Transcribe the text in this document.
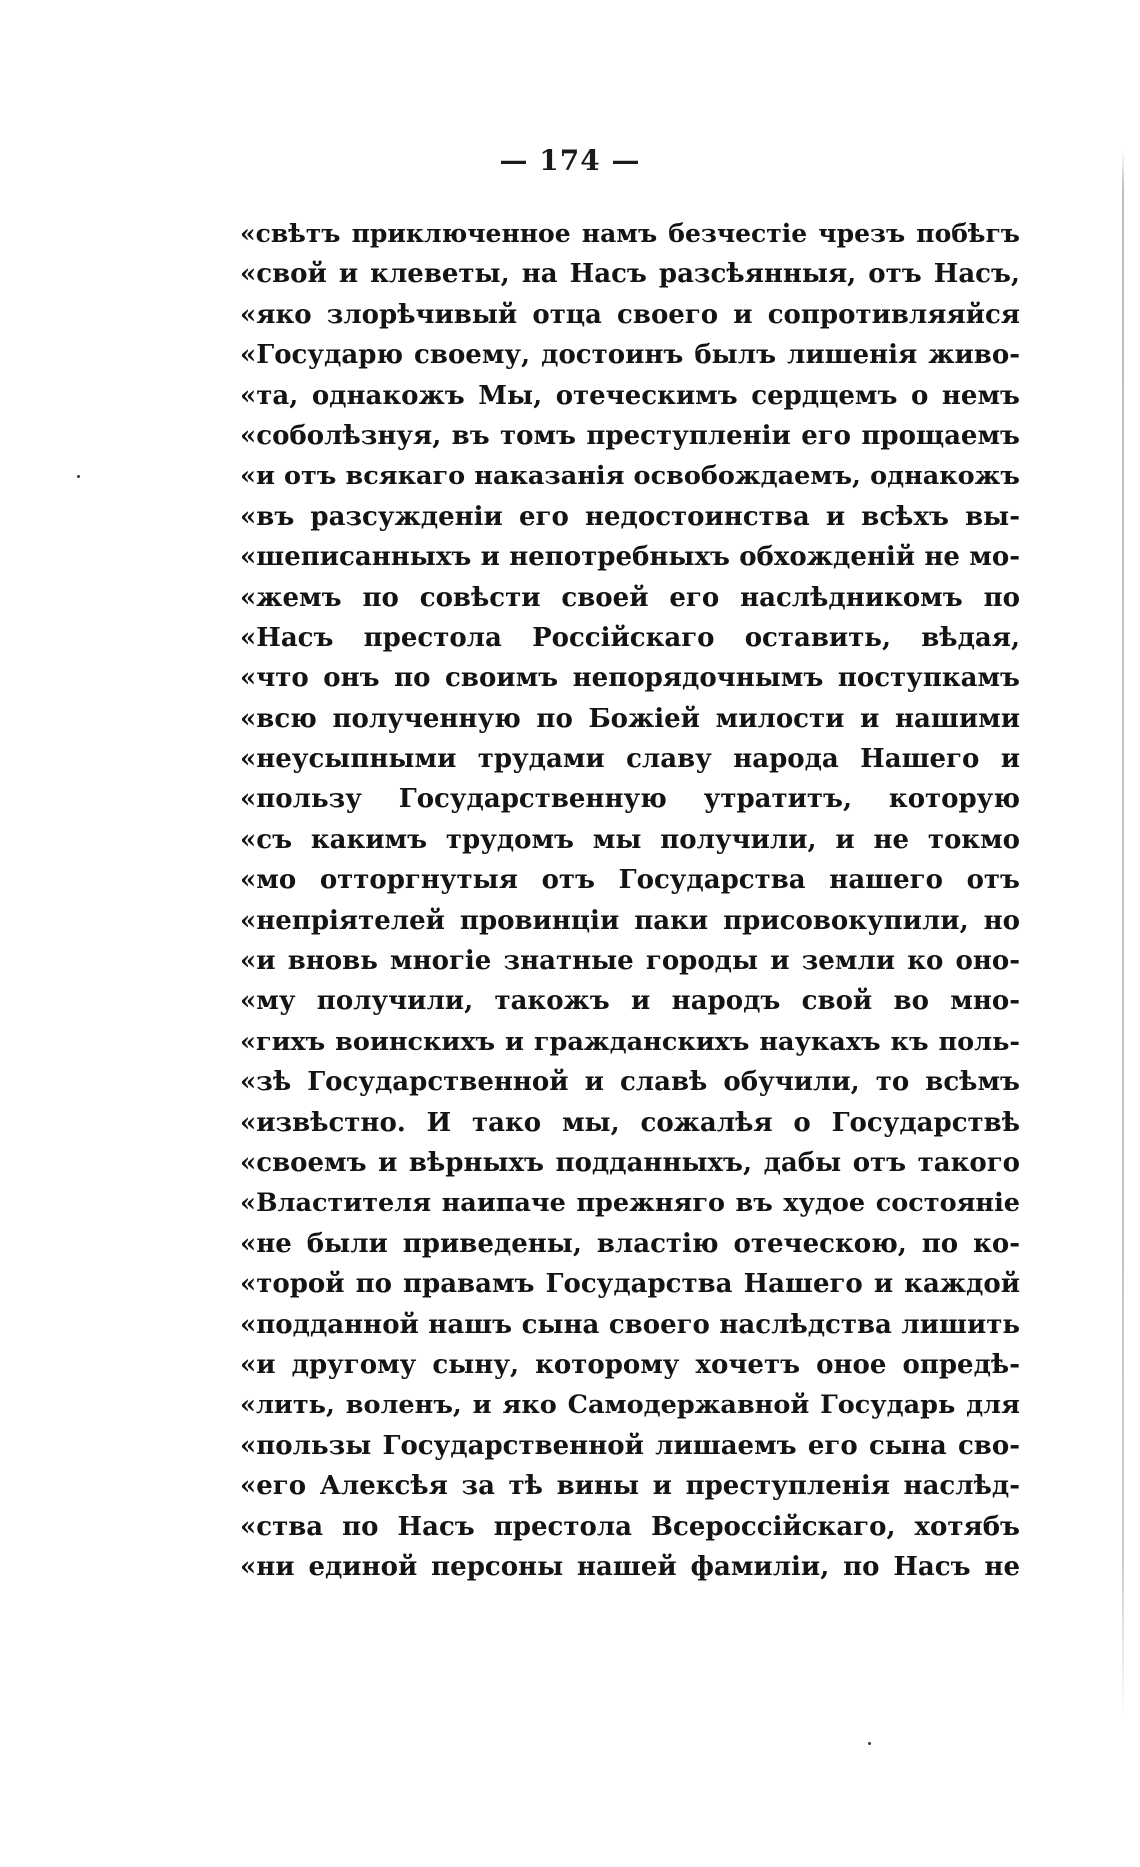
— 174 —
«свѣтъ приключенное намъ безчестіе чрезъ побѣгъ
«свой и клеветы, на Насъ разсѣянныя, отъ Насъ,
«яко злорѣчивый отца своего и сопротивляяйся
«Государю своему, достоинъ былъ лишенія живо-
«та, однакожъ Мы, отеческимъ сердцемъ о немъ
«соболѣзнуя, въ томъ преступленіи его прощаемъ
«и отъ всякаго наказанія освобождаемъ, однакожъ
«въ разсужденіи его недостоинства и всѣхъ вы-
«шеписанныхъ и непотребныхъ обхожденій не мо-
«жемъ по совѣсти своей его наслѣдникомъ по
«Насъ престола Россійскаго оставить, вѣдая,
«что онъ по своимъ непорядочнымъ поступкамъ
«всю полученную по Божіей милости и нашими
«неусыпными трудами славу народа Нашего и
«пользу Государственную утратитъ, которую
«съ какимъ трудомъ мы получили, и не токмо
«мо отторгнутыя отъ Государства нашего отъ
«непріятелей провинціи паки присовокупили, но
«и вновь многіе знатные городы и земли ко оно-
«му получили, такожъ и народъ свой во мно-
«гихъ воинскихъ и гражданскихъ наукахъ къ поль-
«зѣ Государственной и славѣ обучили, то всѣмъ
«извѣстно. И тако мы, сожалѣя о Государствѣ
«своемъ и вѣрныхъ подданныхъ, дабы отъ такого
«Властителя наипаче прежняго въ худое состояніе
«не были приведены, властію отеческою, по ко-
«торой по правамъ Государства Нашего и каждой
«подданной нашъ сына своего наслѣдства лишить
«и другому сыну, которому хочетъ оное опредѣ-
«лить, воленъ, и яко Самодержавной Государь для
«пользы Государственной лишаемъ его сына сво-
«его Алексѣя за тѣ вины и преступленія наслѣд-
«ства по Насъ престола Всероссійскаго, хотябъ
«ни единой персоны нашей фамиліи, по Насъ не
